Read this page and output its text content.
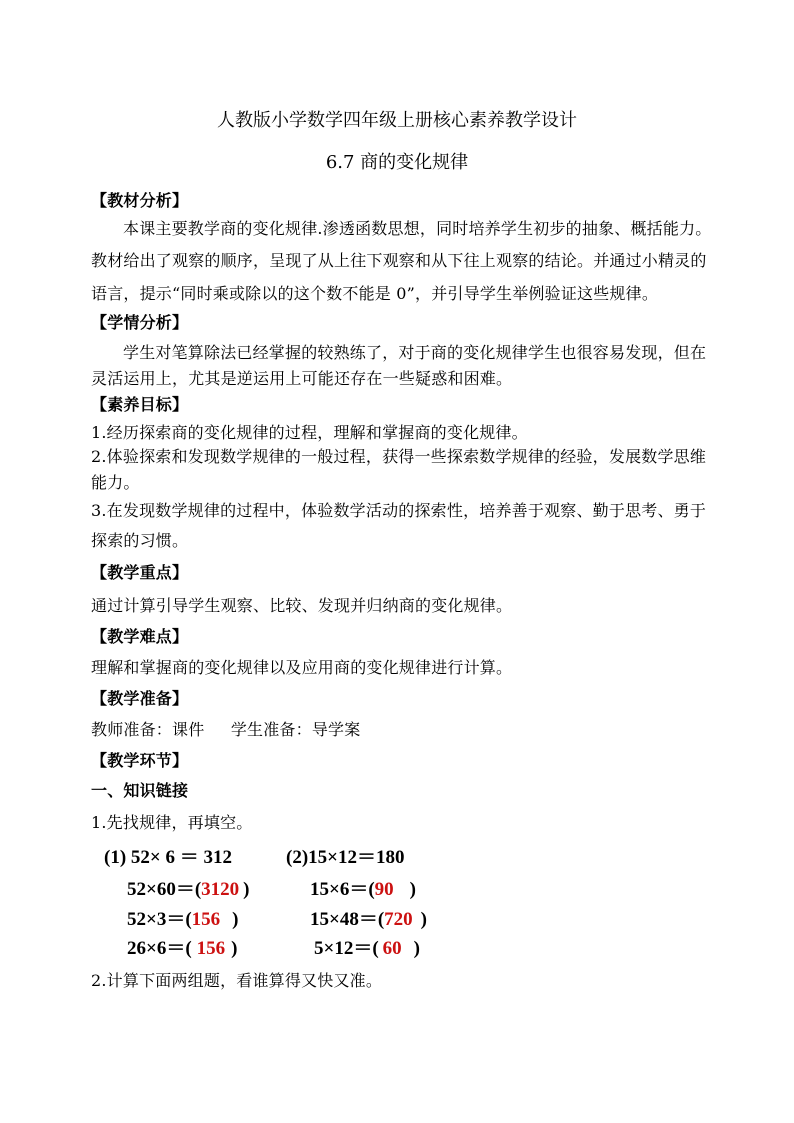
人教版小学数学四年级上册核心素养教学设计
6.7 商的变化规律
【教材分析】
本课主要教学商的变化规律.渗透函数思想，同时培养学生初步的抽象、概括能力。
教材给出了观察的顺序，呈现了从上往下观察和从下往上观察的结论。并通过小精灵的
语言，提示“同时乘或除以的这个数不能是 0”，并引导学生举例验证这些规律。
【学情分析】
学生对笔算除法已经掌握的较熟练了，对于商的变化规律学生也很容易发现，但在
灵活运用上，尤其是逆运用上可能还存在一些疑惑和困难。
【素养目标】
1.经历探索商的变化规律的过程，理解和掌握商的变化规律。
2.体验探索和发现数学规律的一般过程，获得一些探索数学规律的经验，发展数学思维
能力。
3.在发现数学规律的过程中，体验数学活动的探索性，培养善于观察、勤于思考、勇于
探索的习惯。
【教学重点】
通过计算引导学生观察、比较、发现并归纳商的变化规律。
【教学难点】
理解和掌握商的变化规律以及应用商的变化规律进行计算。
【教学准备】
教师准备：课件     学生准备：导学案
【教学环节】
一、知识链接
1.先找规律，再填空。
(1) 52× 6 ＝ 312
52×60＝(3120 )
52×3＝(156 )
26×6＝( 156 )
(2)15×12＝180
15×6＝(90 )
15×48＝(720 )
5×12＝( 60 )
2.计算下面两组题，看谁算得又快又准。
